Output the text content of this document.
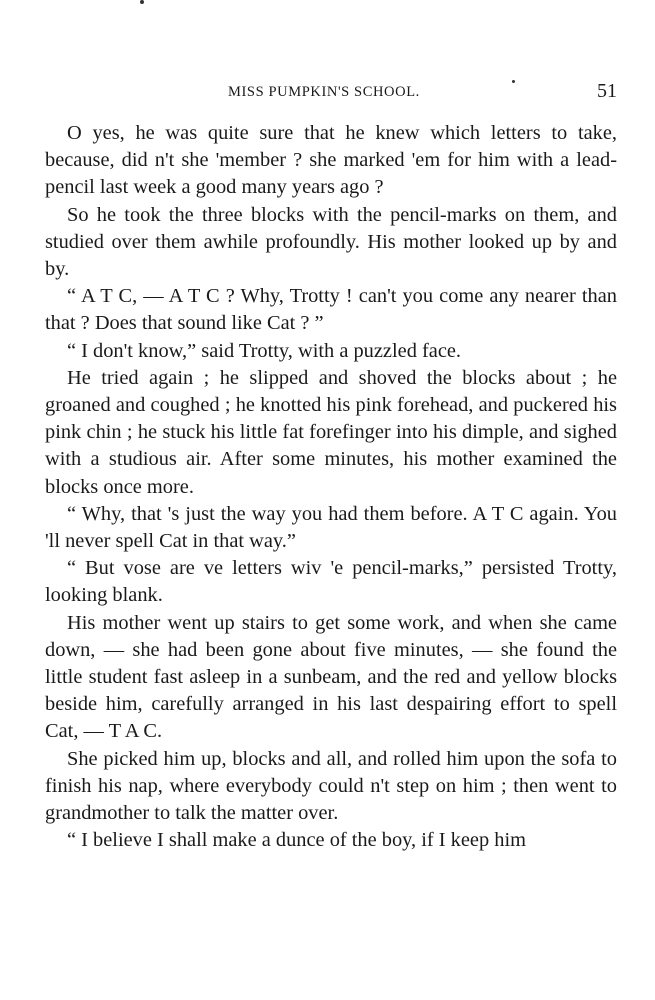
MISS PUMPKIN'S SCHOOL.	51

O yes, he was quite sure that he knew which letters to take, because, did n't she 'member ? she marked 'em for him with a lead-pencil last week a good many years ago ?

So he took the three blocks with the pencil-marks on them, and studied over them awhile profoundly. His mother looked up by and by.

“ A T C, — A T C ? Why, Trotty ! can't you come any nearer than that ? Does that sound like Cat ? ”

“ I don't know,” said Trotty, with a puzzled face.

He tried again ; he slipped and shoved the blocks about ; he groaned and coughed ; he knotted his pink forehead, and puckered his pink chin ; he stuck his little fat forefinger into his dimple, and sighed with a studious air. After some minutes, his mother examined the blocks once more.

“ Why, that 's just the way you had them before. A T C again. You 'll never spell Cat in that way.”

“ But vose are ve letters wiv 'e pencil-marks,” persisted Trotty, looking blank.

His mother went up stairs to get some work, and when she came down, — she had been gone about five minutes, — she found the little student fast asleep in a sunbeam, and the red and yellow blocks beside him, carefully arranged in his last despairing effort to spell Cat, — T A C.

She picked him up, blocks and all, and rolled him upon the sofa to finish his nap, where everybody could n't step on him ; then went to grandmother to talk the matter over.

“ I believe I shall make a dunce of the boy, if I keep him
